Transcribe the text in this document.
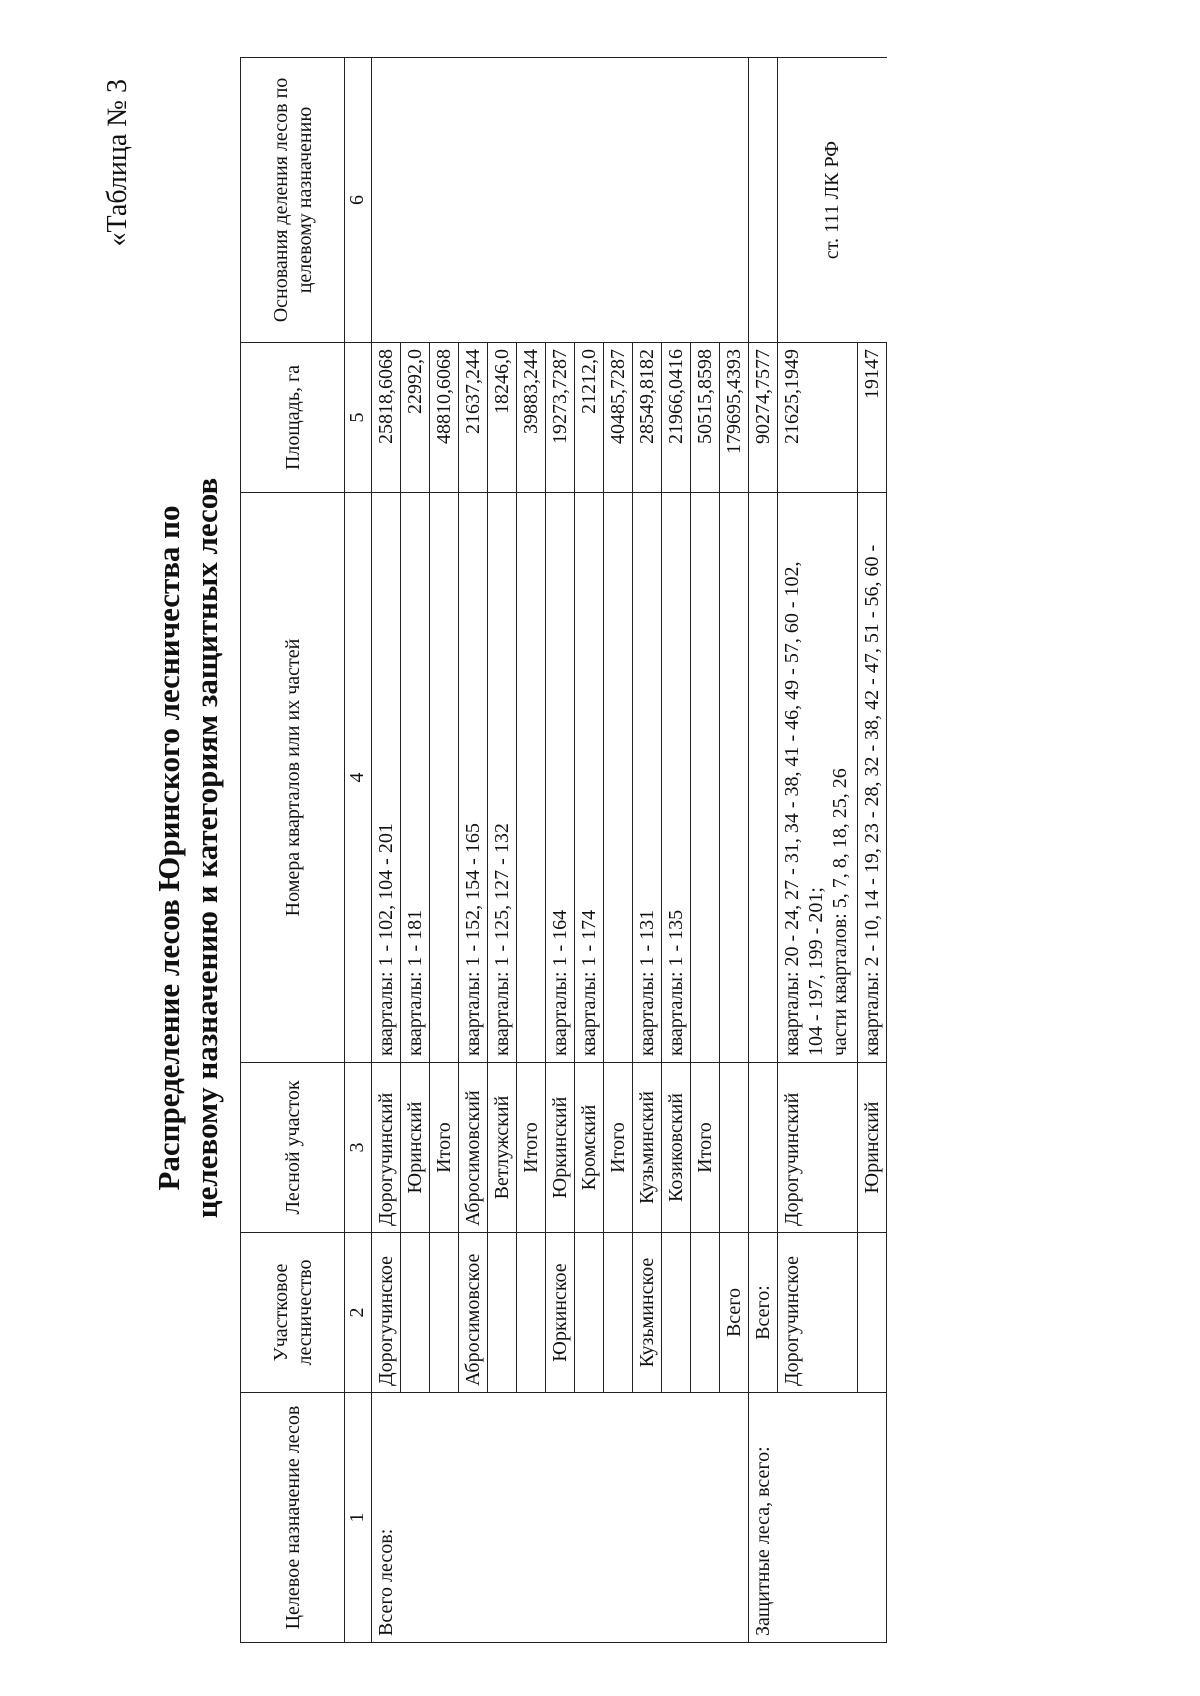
«Таблица № 3
Распределение лесов Юринского лесничества по целевому назначению и категориям защитных лесов
Целевое назначение лесов	Участковое лесничество	Лесной участок	Номера кварталов или их частей	Площадь, га	Основания деления лесов по целевому назначению
1	2	3	4	5	6
Всего лесов:	Дорогучинское	Дорогучинский	кварталы: 1 - 102, 104 - 201	25818,6068	
		Юринский	кварталы: 1 - 181	22992,0	
		Итого		48810,6068	
	Абросимовское	Абросимовский	кварталы: 1 - 152, 154 - 165	21637,244	
		Ветлужский	кварталы: 1 - 125, 127 - 132	18246,0	
		Итого		39883,244	
	Юркинское	Юркинский	кварталы: 1 - 164	19273,7287	
		Кромский	кварталы: 1 - 174	21212,0	
		Итого		40485,7287	
	Кузьминское	Кузьминский	кварталы: 1 - 131	28549,8182	
		Козиковский	кварталы: 1 - 135	21966,0416	
		Итого		50515,8598	
	Всего			179695,4393	
Защитные леса, всего:	Всего:			90274,7577	
	Дорогучинское	Дорогучинский	кварталы: 20 - 24, 27 - 31, 34 - 38, 41 - 46, 49 - 57, 60 - 102, 104 - 197, 199 - 201; части кварталов: 5, 7, 8, 18, 25, 26	21625,1949	ст. 111 ЛК РФ
		Юринский	кварталы: 2 - 10, 14 - 19, 23 - 28, 32 - 38, 42 - 47, 51 - 56, 60 -	19147	
